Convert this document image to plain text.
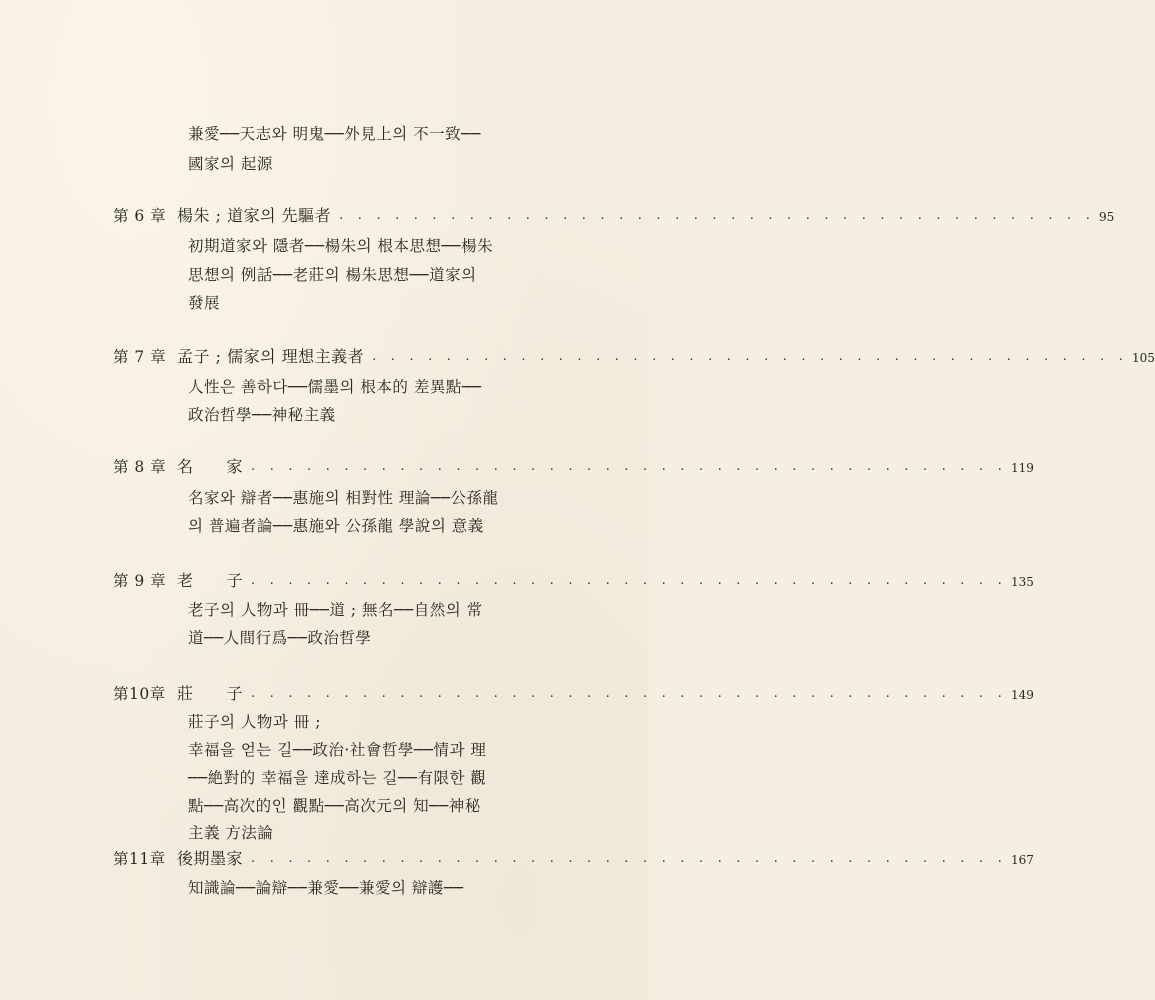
兼愛──天志와 明鬼──外見上의 不一致──
國家의 起源
第 6 章 楊朱 ; 道家의 先驅者 . . . . . . . . . . . . . . . . . . . . . . . . . . . . . . . . . . . . . . . . . 95
初期道家와 隱者──楊朱의 根本思想──楊朱
思想의 例話──老莊의 楊朱思想──道家의
發展
第 7 章 孟子 ; 儒家의 理想主義者 . . . . . . . . . . . . . . . . . . . . . . . . . . . . . . . . . . . . . . . . . 105
人性은 善하다──儒墨의 根本的 差異點──
政治哲學──神秘主義
第 8 章 名　　家 . . . . . . . . . . . . . . . . . . . . . . . . . . . . . . . . . . . . . . . . . 119
名家와 辯者──惠施의 相對性 理論──公孫龍
의 普遍者論──惠施와 公孫龍 學說의 意義
第 9 章 老　　子 . . . . . . . . . . . . . . . . . . . . . . . . . . . . . . . . . . . . . . . . . 135
老子의 人物과 冊──道 ; 無名──自然의 常
道──人間行爲──政治哲學
第10章 莊　　子 . . . . . . . . . . . . . . . . . . . . . . . . . . . . . . . . . . . . . . . . . 149
莊子의 人物과 冊 ;
幸福을 얻는 길──政治·社會哲學──情과 理
──絶對的 幸福을 達成하는 길──有限한 觀
點──高次的인 觀點──高次元의 知──神秘
主義 方法論
第11章 後期墨家 . . . . . . . . . . . . . . . . . . . . . . . . . . . . . . . . . . . . . . . . . 167
知識論──論辯──兼愛──兼愛의 辯護──
